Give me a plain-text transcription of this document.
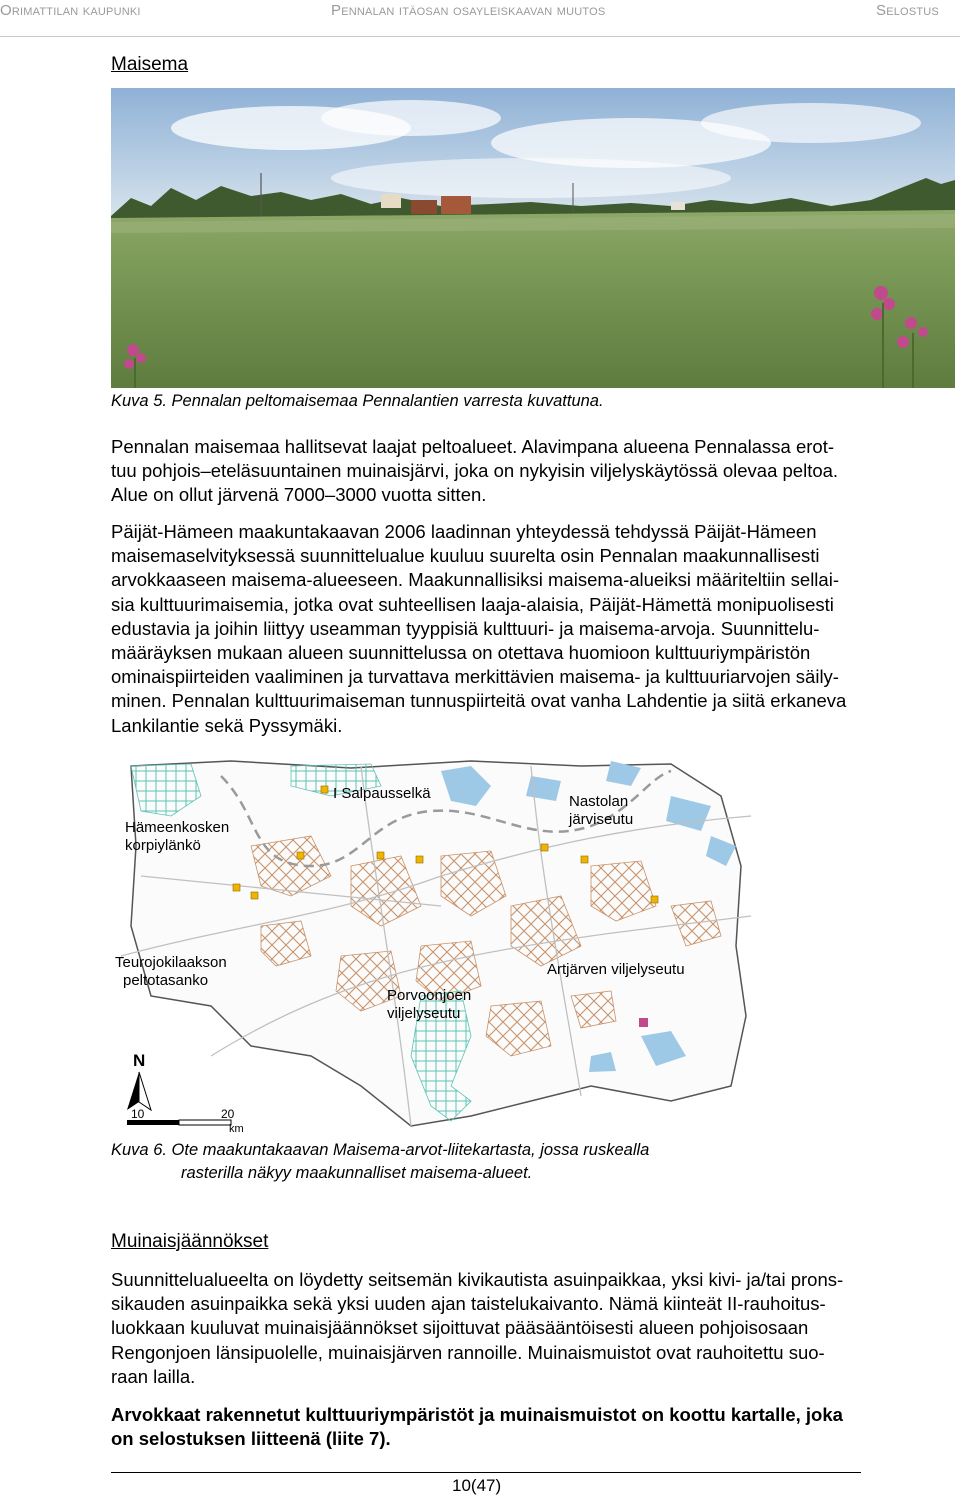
Orimattilan kaupunki	Pennalan itäosan osayleiskaavan muutos	Selostus
Maisema
Kuva 5. Pennalan peltomaisemaa Pennalantien varresta kuvattuna.

Pennalan maisemaa hallitsevat laajat peltoalueet. Alavimpana alueena Pennalassa erot-
tuu pohjois–eteläsuuntainen muinaisjärvi, joka on nykyisin viljelyskäytössä olevaa peltoa.
Alue on ollut järvenä 7000–3000 vuotta sitten.

Päijät-Hämeen maakuntakaavan 2006 laadinnan yhteydessä tehdyssä Päijät-Hämeen
maisemaselvityksessä suunnittelualue kuuluu suurelta osin Pennalan maakunnallisesti
arvokkaaseen maisema-alueeseen. Maakunnallisiksi maisema-alueiksi määriteltiin sellai-
sia kulttuurimaisemia, jotka ovat suhteellisen laaja-alaisia, Päijät-Hämettä monipuolisesti
edustavia ja joihin liittyy useamman tyyppisiä kulttuuri- ja maisema-arvoja. Suunnittelu-
määräyksen mukaan alueen suunnittelussa on otettava huomioon kulttuuriympäristön
ominaispiirteiden vaaliminen ja turvattava merkittävien maisema- ja kulttuuriarvojen säily-
minen. Pennalan kulttuurimaiseman tunnuspiirteitä ovat vanha Lahdentie ja siitä erkaneva
Lankilantie sekä Pyssymäki.

I Salpausselkä	Nastolan
järviseutu
Hämeenkosken
korpiylänkö
Teurojokilaakson
peltotasanko
Artjärven viljelyseutu
Porvoonjoen
viljelyseutu
N
10	20
km
Kuva 6. Ote maakuntakaavan Maisema-arvot-liitekartasta, jossa ruskealla
rasterilla näkyy maakunnalliset maisema-alueet.
Muinaisjäännökset

Suunnittelualueelta on löydetty seitsemän kivikautista asuinpaikkaa, yksi kivi- ja/tai prons-
sikauden asuinpaikka sekä yksi uuden ajan taistelukaivanto. Nämä kiinteät II-rauhoitus-
luokkaan kuuluvat muinaisjäännökset sijoittuvat pääsääntöisesti alueen pohjoisosaan
Rengonjoen länsipuolelle, muinaisjärven rannoille. Muinaismuistot ovat rauhoitettu suo-
raan lailla.

Arvokkaat rakennetut kulttuuriympäristöt ja muinaismuistot on koottu kartalle, joka
on selostuksen liitteenä (liite 7).

10(47)
